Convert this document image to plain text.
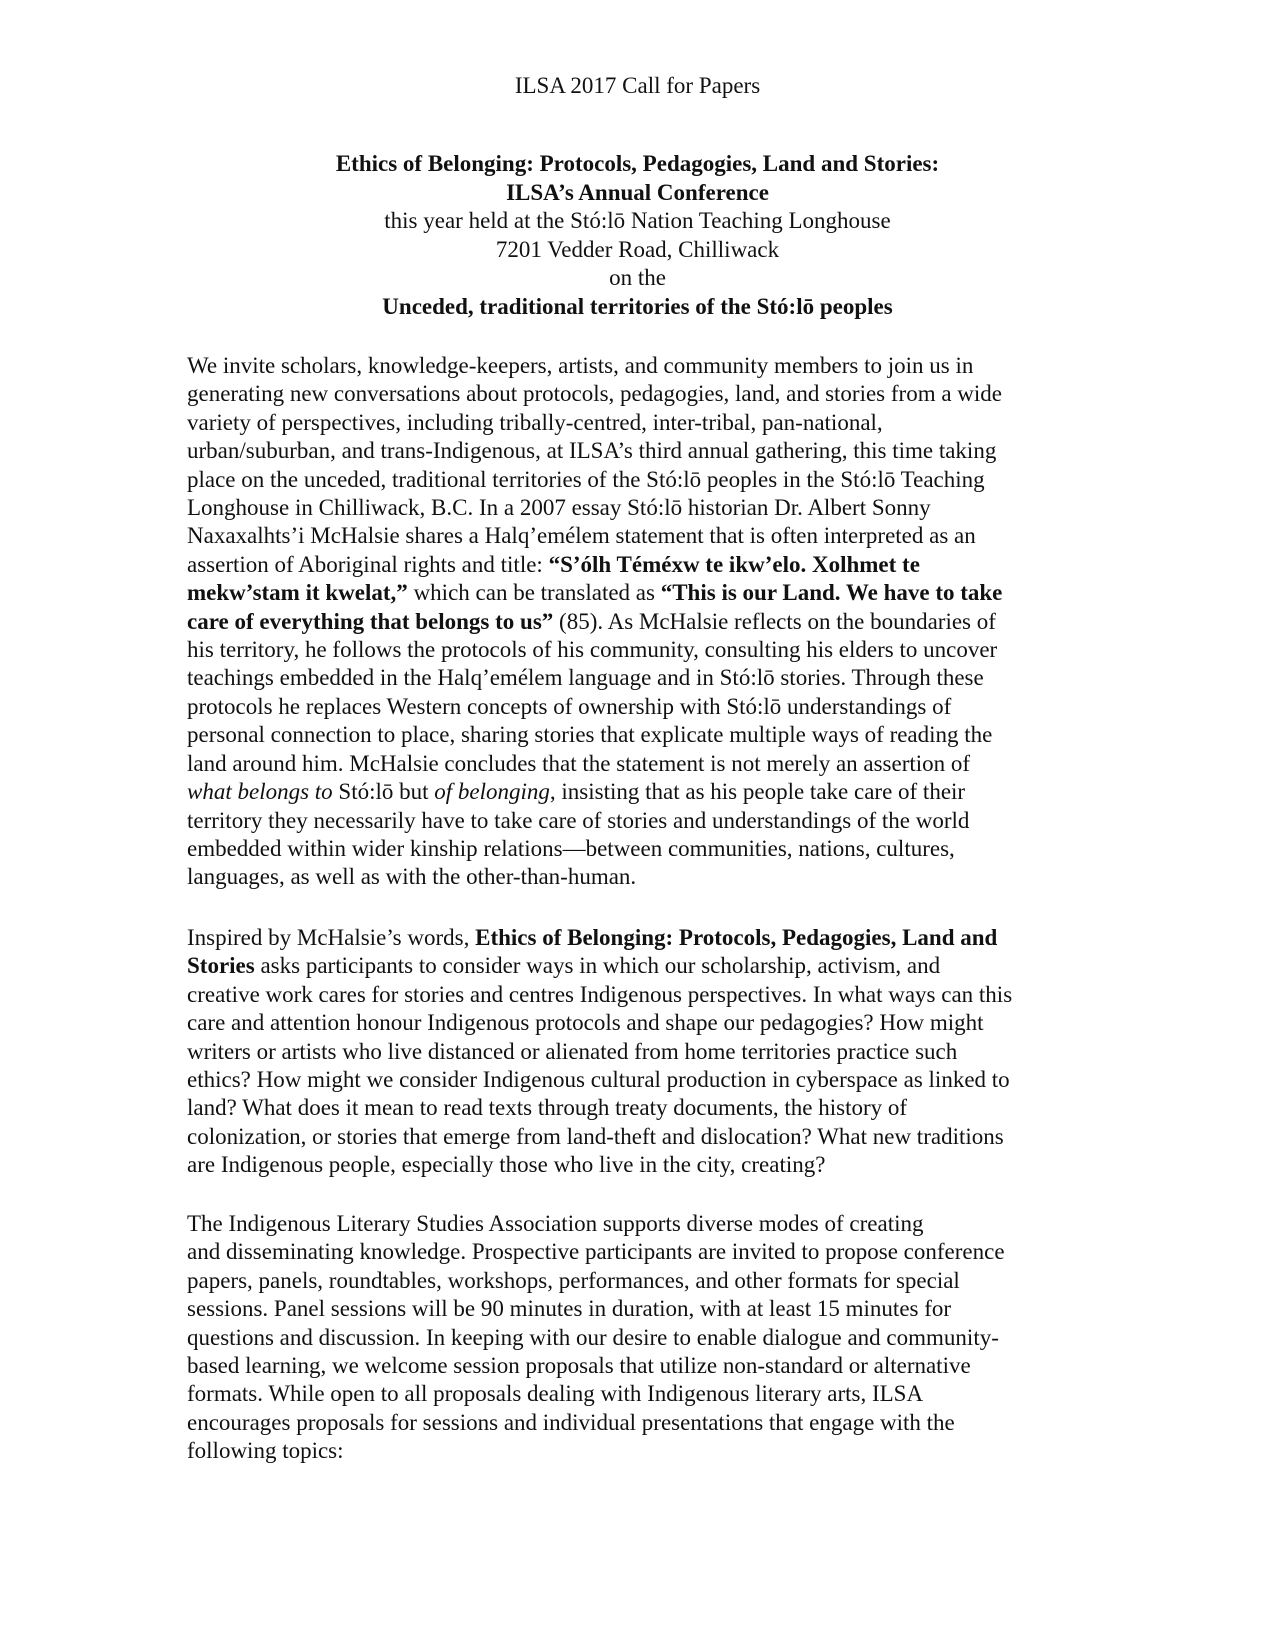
ILSA 2017 Call for Papers
Ethics of Belonging: Protocols, Pedagogies, Land and Stories:
ILSA’s Annual Conference
this year held at the Stó:lō Nation Teaching Longhouse
7201 Vedder Road, Chilliwack
on the
Unceded, traditional territories of the Stó:lō peoples
We invite scholars, knowledge-keepers, artists, and community members to join us in
generating new conversations about protocols, pedagogies, land, and stories from a wide
variety of perspectives, including tribally-centred, inter-tribal, pan-national,
urban/suburban, and trans-Indigenous, at ILSA’s third annual gathering, this time taking
place on the unceded, traditional territories of the Stó:lō peoples in the Stó:lō Teaching
Longhouse in Chilliwack, B.C. In a 2007 essay Stó:lō historian Dr. Albert Sonny
Naxaxalhts’i McHalsie shares a Halq’emélem statement that is often interpreted as an
assertion of Aboriginal rights and title: “S’ólh Téméxw te ikw’elo. Xolhmet te
mekw’stam it kwelat,” which can be translated as “This is our Land. We have to take
care of everything that belongs to us” (85). As McHalsie reflects on the boundaries of
his territory, he follows the protocols of his community, consulting his elders to uncover
teachings embedded in the Halq’emélem language and in Stó:lō stories. Through these
protocols he replaces Western concepts of ownership with Stó:lō understandings of
personal connection to place, sharing stories that explicate multiple ways of reading the
land around him. McHalsie concludes that the statement is not merely an assertion of
what belongs to Stó:lō but of belonging, insisting that as his people take care of their
territory they necessarily have to take care of stories and understandings of the world
embedded within wider kinship relations—between communities, nations, cultures,
languages, as well as with the other-than-human.
Inspired by McHalsie’s words, Ethics of Belonging: Protocols, Pedagogies, Land and
Stories asks participants to consider ways in which our scholarship, activism, and
creative work cares for stories and centres Indigenous perspectives. In what ways can this
care and attention honour Indigenous protocols and shape our pedagogies? How might
writers or artists who live distanced or alienated from home territories practice such
ethics? How might we consider Indigenous cultural production in cyberspace as linked to
land? What does it mean to read texts through treaty documents, the history of
colonization, or stories that emerge from land-theft and dislocation? What new traditions
are Indigenous people, especially those who live in the city, creating?
The Indigenous Literary Studies Association supports diverse modes of creating
and disseminating knowledge. Prospective participants are invited to propose conference
papers, panels, roundtables, workshops, performances, and other formats for special
sessions. Panel sessions will be 90 minutes in duration, with at least 15 minutes for
questions and discussion. In keeping with our desire to enable dialogue and community-
based learning, we welcome session proposals that utilize non-standard or alternative
formats. While open to all proposals dealing with Indigenous literary arts, ILSA
encourages proposals for sessions and individual presentations that engage with the
following topics:
